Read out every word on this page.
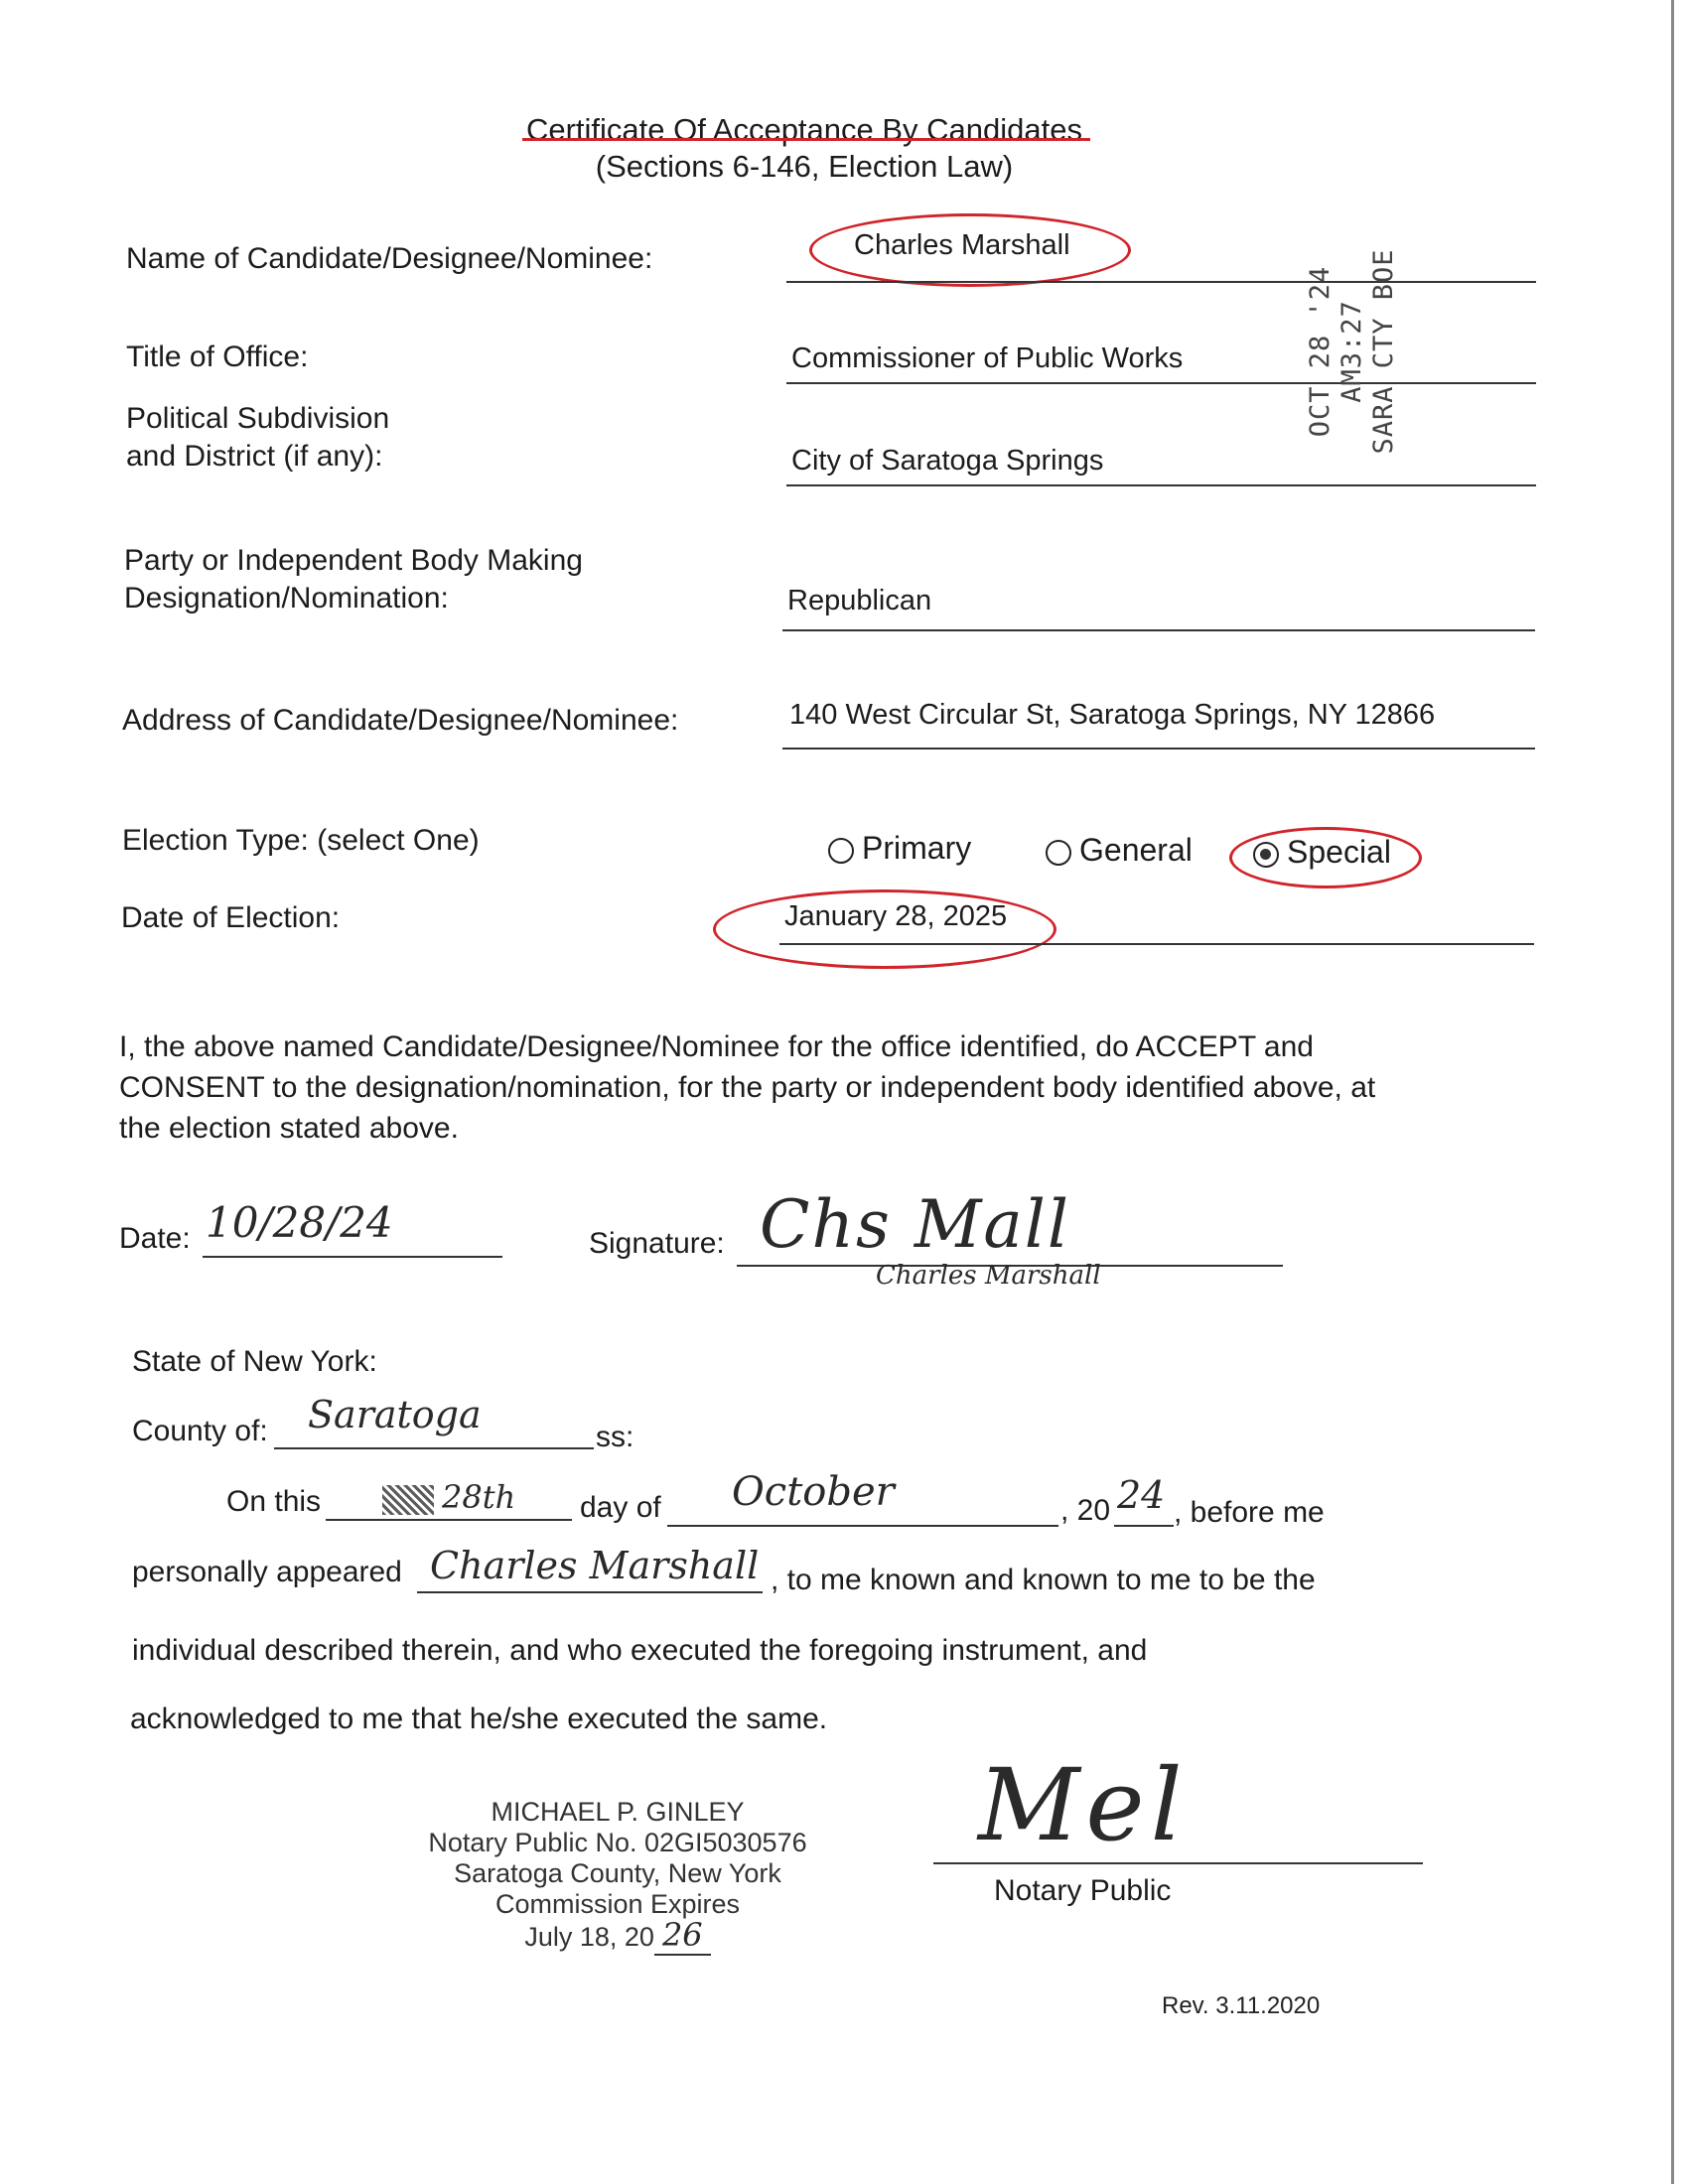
Certificate Of Acceptance By Candidates
(Sections 6-146, Election Law)
Name of Candidate/Designee/Nominee:	Charles Marshall
Title of Office:	Commissioner of Public Works
Political Subdivision
and District (if any):	City of Saratoga Springs
OCT 28 '24 AM3:27 SARA CTY BOE
Party or Independent Body Making
Designation/Nomination:	Republican
Address of Candidate/Designee/Nominee:	140 West Circular St, Saratoga Springs, NY 12866
Election Type: (select One)	Primary	General	Special
Date of Election:	January 28, 2025
I, the above named Candidate/Designee/Nominee for the office identified, do ACCEPT and CONSENT to the designation/nomination, for the party or independent body identified above, at the election stated above.
Date: 10/28/24	Signature: Chs Mall
Charles Marshall
State of New York:
County of: Saratoga
ss:
On this	28th day of October	, 20 24 , before me
personally appeared Charles Marshall , to me known and known to me to be the
individual described therein, and who executed the foregoing instrument, and
acknowledged to me that he/she executed the same.
MICHAEL P. GINLEY
Notary Public No. 02GI5030576
Saratoga County, New York
Commission Expires
July 18, 20 26
Mel
Notary Public
Rev. 3.11.2020
